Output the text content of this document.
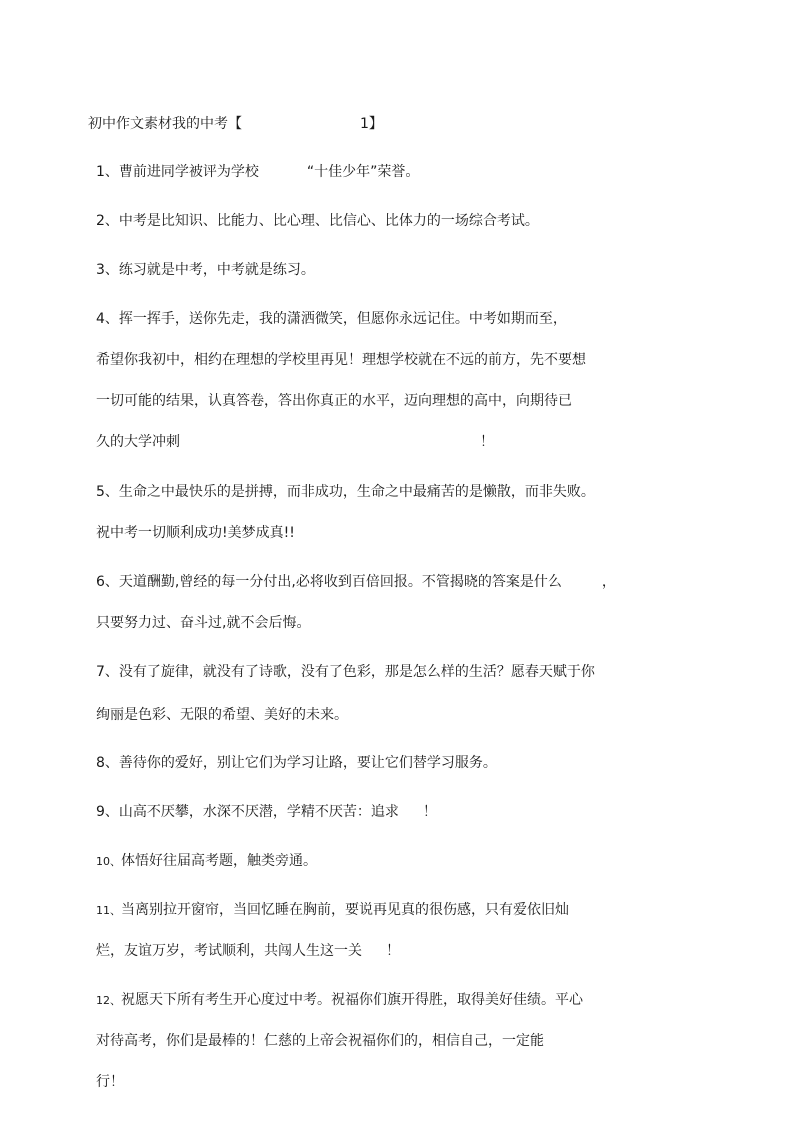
初中作文素材我的中考【	1】
1、曹前进同学被评为学校	“十佳少年”荣誉。
2、中考是比知识、比能力、比心理、比信心、比体力的一场综合考试。
3、练习就是中考，中考就是练习。
4、挥一挥手，送你先走，我的潇洒微笑，但愿你永远记住。中考如期而至，
希望你我初中，相约在理想的学校里再见！理想学校就在不远的前方，先不要想
一切可能的结果，认真答卷，答出你真正的水平，迈向理想的高中，向期待已
久的大学冲刺	！
5、生命之中最快乐的是拼搏，而非成功，生命之中最痛苦的是懒散，而非失败。
祝中考一切顺利成功!美梦成真!!
6、天道酬勤,曾经的每一分付出,必将收到百倍回报。不管揭晓的答案是什么	，
只要努力过、奋斗过,就不会后悔。
7、没有了旋律，就没有了诗歌，没有了色彩，那是怎么样的生活？愿春天赋于你
绚丽是色彩、无限的希望、美好的未来。
8、善待你的爱好，别让它们为学习让路，要让它们替学习服务。
9、山高不厌攀，水深不厌潜，学精不厌苦：追求 ！
10、体悟好往届高考题，触类旁通。
11、当离别拉开窗帘，当回忆睡在胸前，要说再见真的很伤感，只有爱依旧灿
烂，友谊万岁，考试顺利，共闯人生这一关 ！
12、祝愿天下所有考生开心度过中考。祝福你们旗开得胜，取得美好佳绩。平心
对待高考，你们是最棒的！仁慈的上帝会祝福你们的，相信自己，一定能
行！
